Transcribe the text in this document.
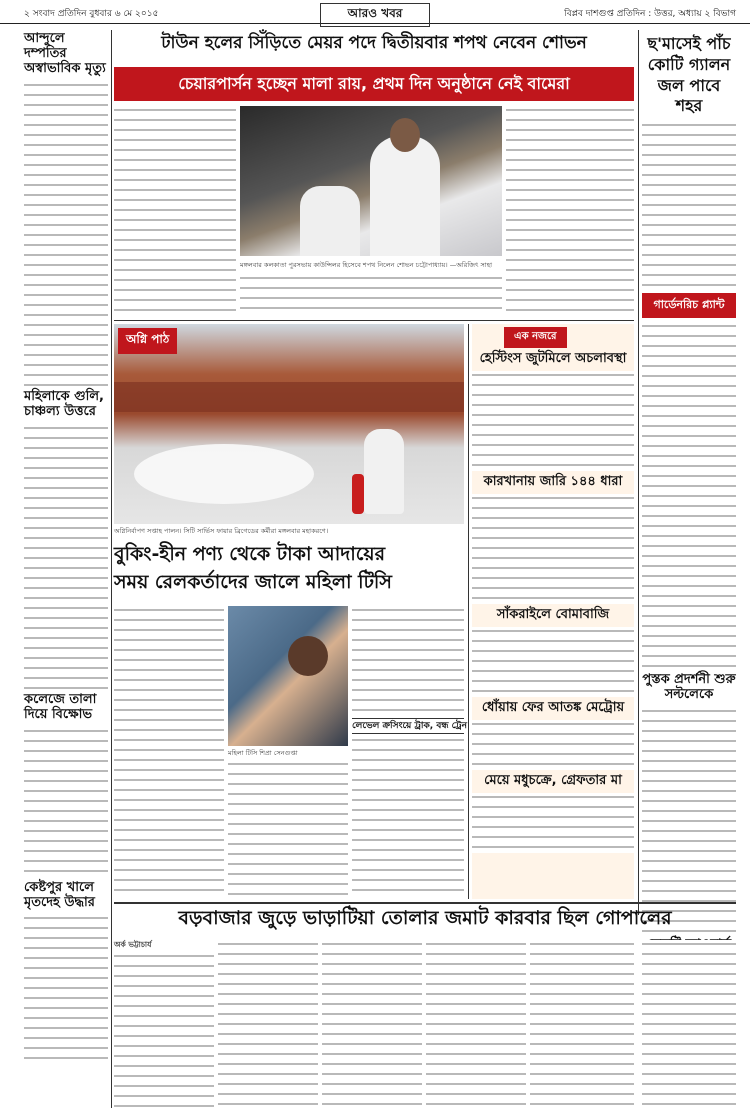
২ সংবাদ প্রতিদিন বুধবার ৬ মে ২০১৫	আরও খবর	বিপ্লব দাশগুপ্ত প্রতিদিন : উত্তর, অধ্যায় ২ বিভাগ
আন্দুলে দম্পতির অস্বাভাবিক মৃত্যু
মহিলাকে গুলি, চাঞ্চল্য উত্তরে
কলেজে তালা দিয়ে বিক্ষোভ
কেষ্টপুর খালে মৃতদেহ উদ্ধার
টাউন হলের সিঁড়িতে মেয়র পদে দ্বিতীয়বার শপথ নেবেন শোভন
চেয়ারপার্সন হচ্ছেন মালা রায়, প্রথম দিন অনুষ্ঠানে নেই বামেরা
মঙ্গলবার কলকাতা পুরসভায় কাউন্সিলর হিসেবে শপথ নিলেন শোভন চট্টোপাধ্যায়। —অরিজিৎ সাহা
ছ'মাসেই পাঁচ কোটি গ্যালন জল পাবে শহর
গার্ডেনরিচ প্ল্যান্ট
পুস্তক প্রদর্শনী শুরু সল্টলেকে
অগ্নি পাঠ
অগ্নিনির্বাপণ সপ্তাহ পালন। সিটি সার্ভিস ফায়ার ব্রিগেডের কর্মীরা মঙ্গলবার মহাকরণে।
বুকিং-হীন পণ্য থেকে টাকা আদায়ের
সময় রেলকর্তাদের জালে মহিলা টিসি
মহিলা টিসি শিপ্রা সেনগুপ্তা
লেভেল ক্রসিংয়ে ট্রাক, বন্ধ ট্রেন
এক নজরে
হেস্টিংস জুটমিলে অচলাবস্থা
কারখানায় জারি ১৪৪ ধারা
সাঁকরাইলে বোমাবাজি
ধোঁয়ায় ফের আতঙ্ক মেট্রোয়
মেয়ে মধুচক্রে, গ্রেফতার মা
বড়বাজার জুড়ে ভাড়াটিয়া তোলার জমাট কারবার ছিল গোপালের
অর্ক ভট্টাচার্য
